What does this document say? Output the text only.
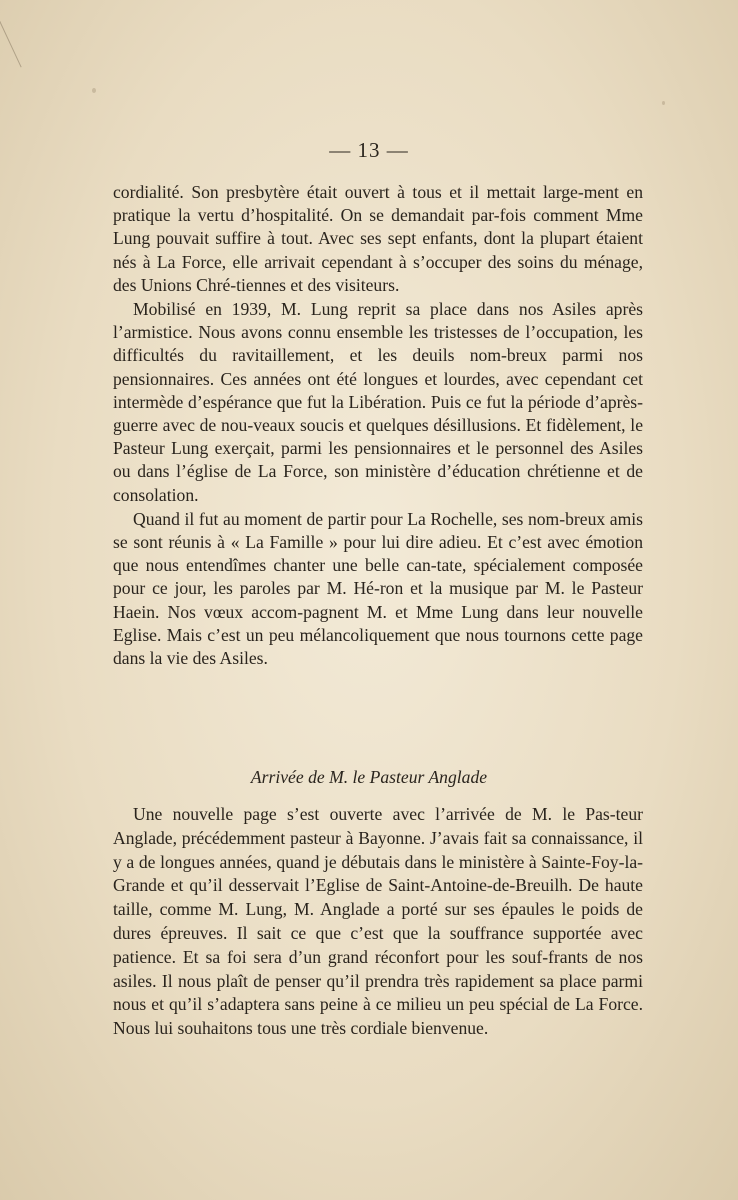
— 13 —

cordialité. Son presbytère était ouvert à tous et il mettait large-ment en pratique la vertu d’hospitalité. On se demandait par-fois comment Mme Lung pouvait suffire à tout. Avec ses sept enfants, dont la plupart étaient nés à La Force, elle arrivait cependant à s’occuper des soins du ménage, des Unions Chré-tiennes et des visiteurs.

Mobilisé en 1939, M. Lung reprit sa place dans nos Asiles après l’armistice. Nous avons connu ensemble les tristesses de l’occupation, les difficultés du ravitaillement, et les deuils nom-breux parmi nos pensionnaires. Ces années ont été longues et lourdes, avec cependant cet intermède d’espérance que fut la Libération. Puis ce fut la période d’après-guerre avec de nou-veaux soucis et quelques désillusions. Et fidèlement, le Pasteur Lung exerçait, parmi les pensionnaires et le personnel des Asiles ou dans l’église de La Force, son ministère d’éducation chrétienne et de consolation.

Quand il fut au moment de partir pour La Rochelle, ses nom-breux amis se sont réunis à « La Famille » pour lui dire adieu. Et c’est avec émotion que nous entendîmes chanter une belle can-tate, spécialement composée pour ce jour, les paroles par M. Hé-ron et la musique par M. le Pasteur Haein. Nos vœux accom-pagnent M. et Mme Lung dans leur nouvelle Eglise. Mais c’est un peu mélancoliquement que nous tournons cette page dans la vie des Asiles.

Arrivée de M. le Pasteur Anglade

Une nouvelle page s’est ouverte avec l’arrivée de M. le Pas-teur Anglade, précédemment pasteur à Bayonne. J’avais fait sa connaissance, il y a de longues années, quand je débutais dans le ministère à Sainte-Foy-la-Grande et qu’il desservait l’Eglise de Saint-Antoine-de-Breuilh. De haute taille, comme M. Lung, M. Anglade a porté sur ses épaules le poids de dures épreuves. Il sait ce que c’est que la souffrance supportée avec patience. Et sa foi sera d’un grand réconfort pour les souf-frants de nos asiles. Il nous plaît de penser qu’il prendra très rapidement sa place parmi nous et qu’il s’adaptera sans peine à ce milieu un peu spécial de La Force. Nous lui souhaitons tous une très cordiale bienvenue.
